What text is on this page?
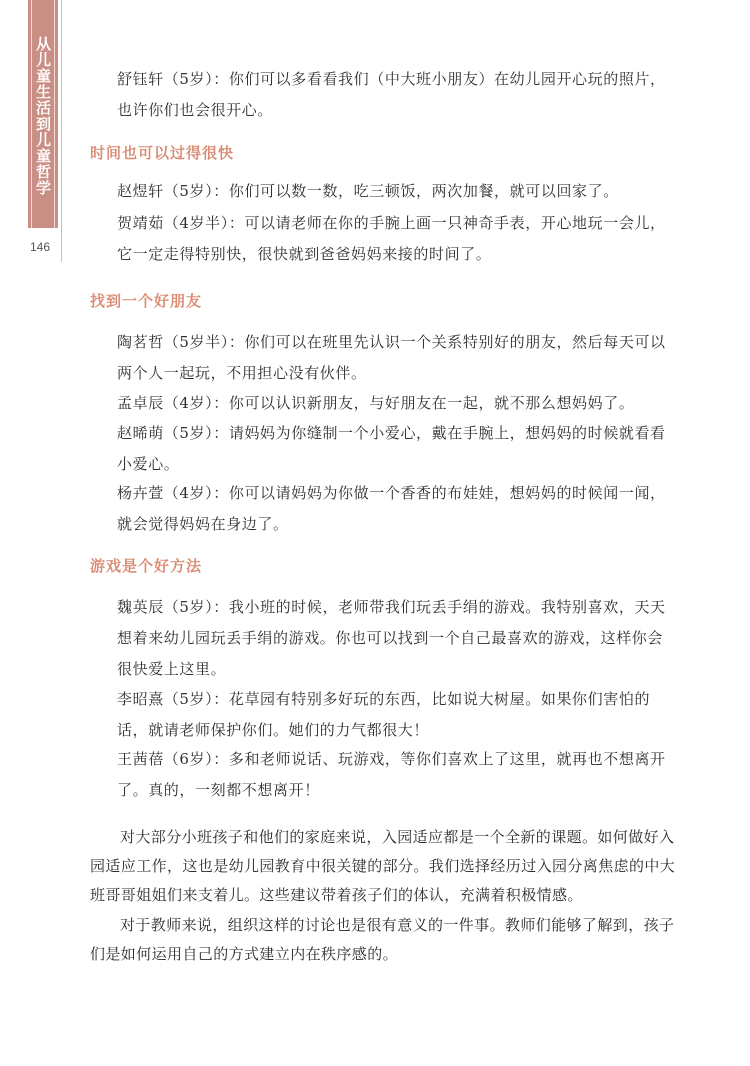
从儿童生活到儿童哲学
146
舒钰轩（5岁）：你们可以多看看我们（中大班小朋友）在幼儿园开心玩的照片，也许你们也会很开心。
时间也可以过得很快
赵煜轩（5岁）：你们可以数一数，吃三顿饭，两次加餐，就可以回家了。
贺靖茹（4岁半）：可以请老师在你的手腕上画一只神奇手表，开心地玩一会儿，它一定走得特别快，很快就到爸爸妈妈来接的时间了。
找到一个好朋友
陶茗哲（5岁半）：你们可以在班里先认识一个关系特别好的朋友，然后每天可以两个人一起玩，不用担心没有伙伴。
孟卓辰（4岁）：你可以认识新朋友，与好朋友在一起，就不那么想妈妈了。
赵晞萌（5岁）：请妈妈为你缝制一个小爱心，戴在手腕上，想妈妈的时候就看看小爱心。
杨卉萱（4岁）：你可以请妈妈为你做一个香香的布娃娃，想妈妈的时候闻一闻，就会觉得妈妈在身边了。
游戏是个好方法
魏英辰（5岁）：我小班的时候，老师带我们玩丢手绢的游戏。我特别喜欢，天天想着来幼儿园玩丢手绢的游戏。你也可以找到一个自己最喜欢的游戏，这样你会很快爱上这里。
李昭熹（5岁）：花草园有特别多好玩的东西，比如说大树屋。如果你们害怕的话，就请老师保护你们。她们的力气都很大！
王茜蓓（6岁）：多和老师说话、玩游戏，等你们喜欢上了这里，就再也不想离开了。真的，一刻都不想离开！
对大部分小班孩子和他们的家庭来说，入园适应都是一个全新的课题。如何做好入园适应工作，这也是幼儿园教育中很关键的部分。我们选择经历过入园分离焦虑的中大班哥哥姐姐们来支着儿。这些建议带着孩子们的体认，充满着积极情感。
对于教师来说，组织这样的讨论也是很有意义的一件事。教师们能够了解到，孩子们是如何运用自己的方式建立内在秩序感的。
